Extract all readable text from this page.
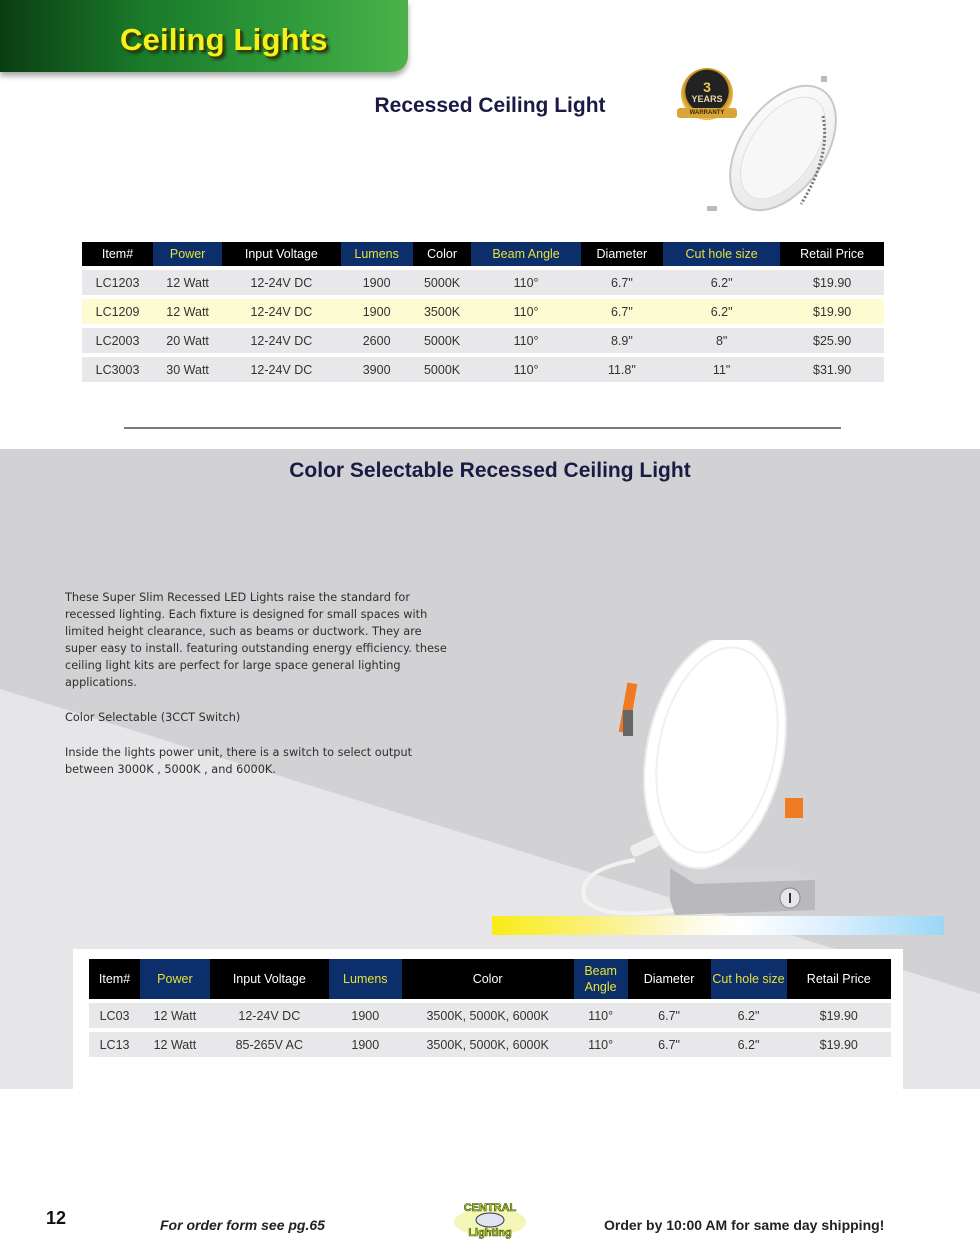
Ceiling Lights
Recessed Ceiling Light
3
YEARS
WARRANTY
Item#	Power	Input Voltage	Lumens	Color	Beam Angle	Diameter	Cut hole size	Retail Price
LC1203	12 Watt	12-24V DC	1900	5000K	110°	6.7"	6.2"	$19.90
LC1209	12 Watt	12-24V DC	1900	3500K	110°	6.7"	6.2"	$19.90
LC2003	20 Watt	12-24V DC	2600	5000K	110°	8.9"	8"	$25.90
LC3003	30 Watt	12-24V DC	3900	5000K	110°	11.8"	11"	$31.90
Color Selectable Recessed Ceiling Light

These Super Slim Recessed LED Lights raise the standard for recessed lighting. Each fixture is designed for small spaces with limited height clearance, such as beams or ductwork. They are super easy to install. featuring outstanding energy efficiency. these ceiling light kits are perfect for large space general lighting applications.

Color Selectable (3CCT Switch)

Inside the lights power unit, there is a switch to select output between 3000K , 5000K , and 6000K.

Item#	Power	Input Voltage	Lumens	Color	Beam Angle	Diameter	Cut hole size	Retail Price
LC03	12 Watt	12-24V DC	1900	3500K, 5000K, 6000K	110°	6.7"	6.2"	$19.90
LC13	12 Watt	85-265V AC	1900	3500K, 5000K, 6000K	110°	6.7"	6.2"	$19.90
12	For order form see pg.65
CENTRAL
Lighting	Order by 10:00 AM for same day shipping!
